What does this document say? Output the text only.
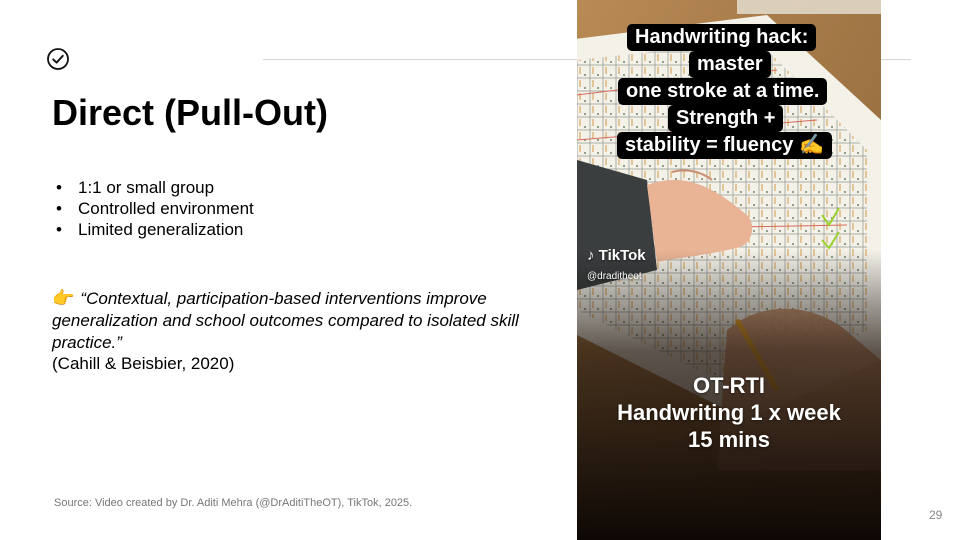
Direct (Pull-Out)
• 1:1 or small group
• Controlled environment
• Limited generalization
👉 “Contextual, participation-based interventions improve generalization and school outcomes compared to isolated skill practice.”
(Cahill & Beisbier, 2020)
Source: Video created by Dr. Aditi Mehra (@DrAditiTheOT), TikTok, 2025.
29
Handwriting hack:
master
one stroke at a time.
Strength +
stability = fluency ✍️
♪ TikTok
@draditheot
OT-RTI
Handwriting 1 x week
15 mins
